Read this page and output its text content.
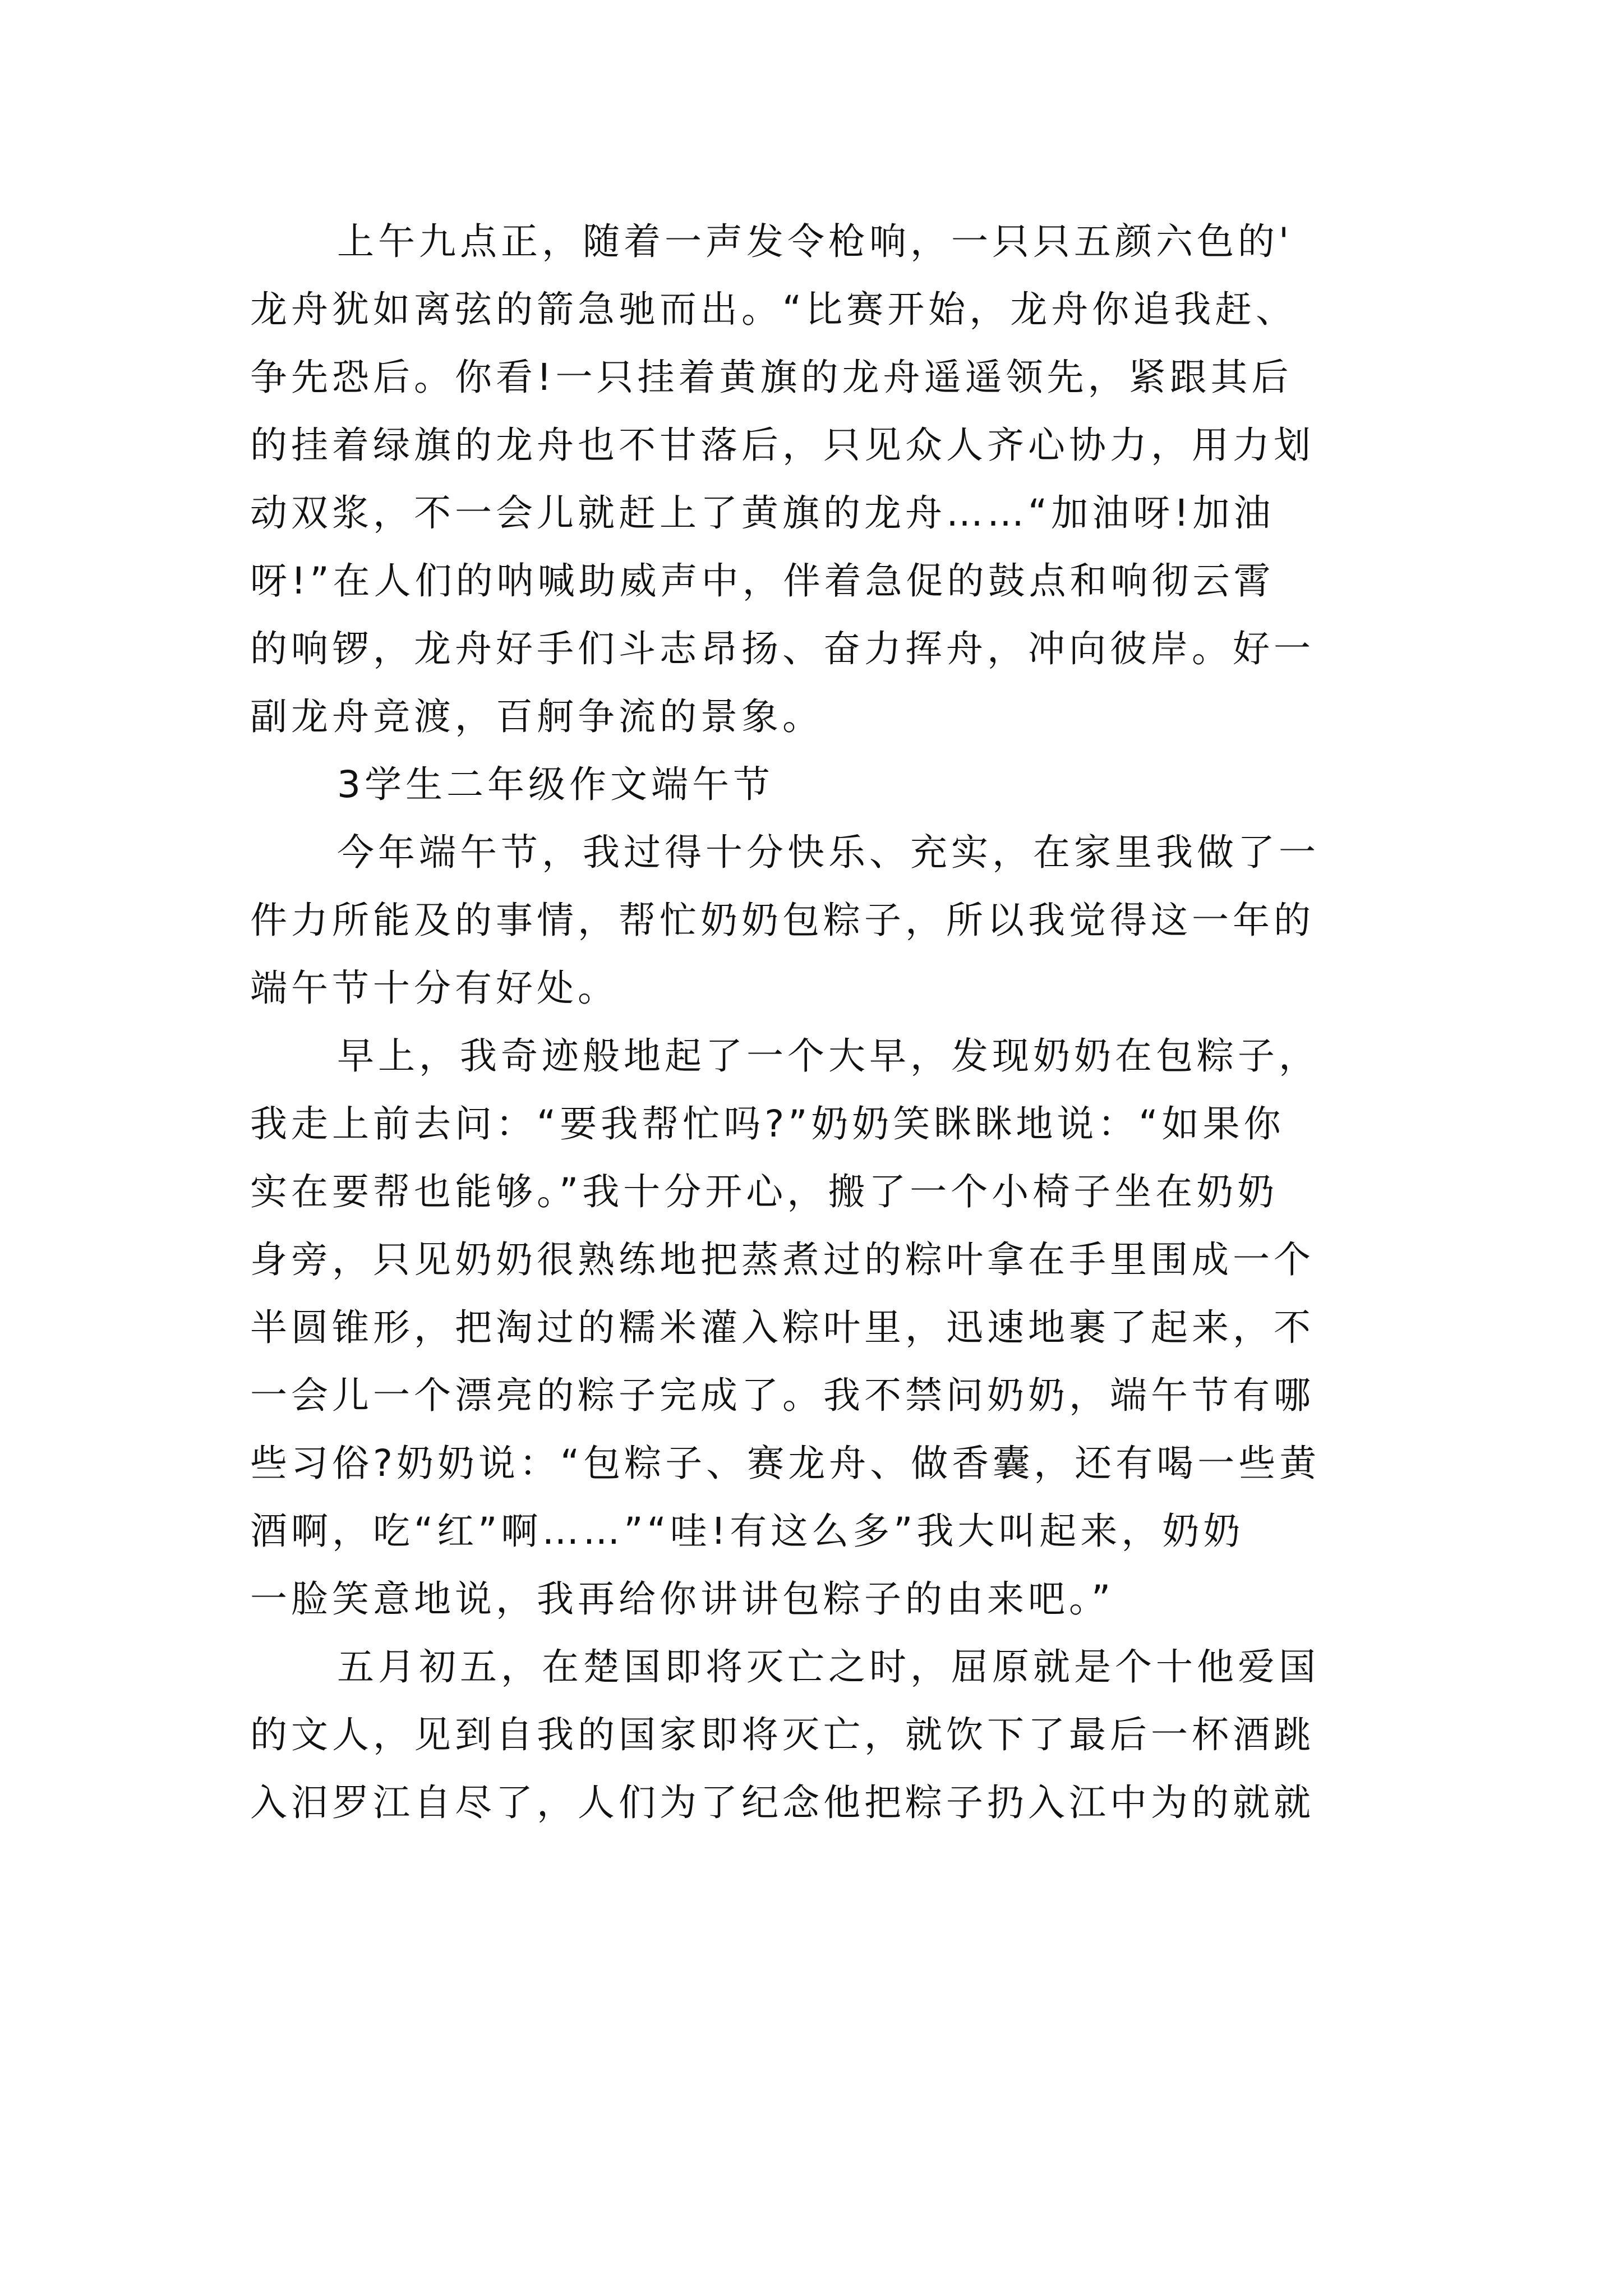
上午九点正，随着一声发令枪响，一只只五颜六色的'
龙舟犹如离弦的箭急驰而出。“比赛开始，龙舟你追我赶、
争先恐后。你看!一只挂着黄旗的龙舟遥遥领先，紧跟其后
的挂着绿旗的龙舟也不甘落后，只见众人齐心协力，用力划
动双浆，不一会儿就赶上了黄旗的龙舟……“加油呀!加油
呀!”在人们的呐喊助威声中，伴着急促的鼓点和响彻云霄
的响锣，龙舟好手们斗志昂扬、奋力挥舟，冲向彼岸。好一
副龙舟竞渡，百舸争流的景象。
3学生二年级作文端午节
今年端午节，我过得十分快乐、充实，在家里我做了一
件力所能及的事情，帮忙奶奶包粽子，所以我觉得这一年的
端午节十分有好处。
早上，我奇迹般地起了一个大早，发现奶奶在包粽子，
我走上前去问：“要我帮忙吗?”奶奶笑眯眯地说：“如果你
实在要帮也能够。”我十分开心，搬了一个小椅子坐在奶奶
身旁，只见奶奶很熟练地把蒸煮过的粽叶拿在手里围成一个
半圆锥形，把淘过的糯米灌入粽叶里，迅速地裹了起来，不
一会儿一个漂亮的粽子完成了。我不禁问奶奶，端午节有哪
些习俗?奶奶说：“包粽子、赛龙舟、做香囊，还有喝一些黄
酒啊，吃“红”啊……”“哇!有这么多”我大叫起来，奶奶
一脸笑意地说，我再给你讲讲包粽子的由来吧。”
五月初五，在楚国即将灭亡之时，屈原就是个十他爱国
的文人，见到自我的国家即将灭亡，就饮下了最后一杯酒跳
入汨罗江自尽了，人们为了纪念他把粽子扔入江中为的就就
